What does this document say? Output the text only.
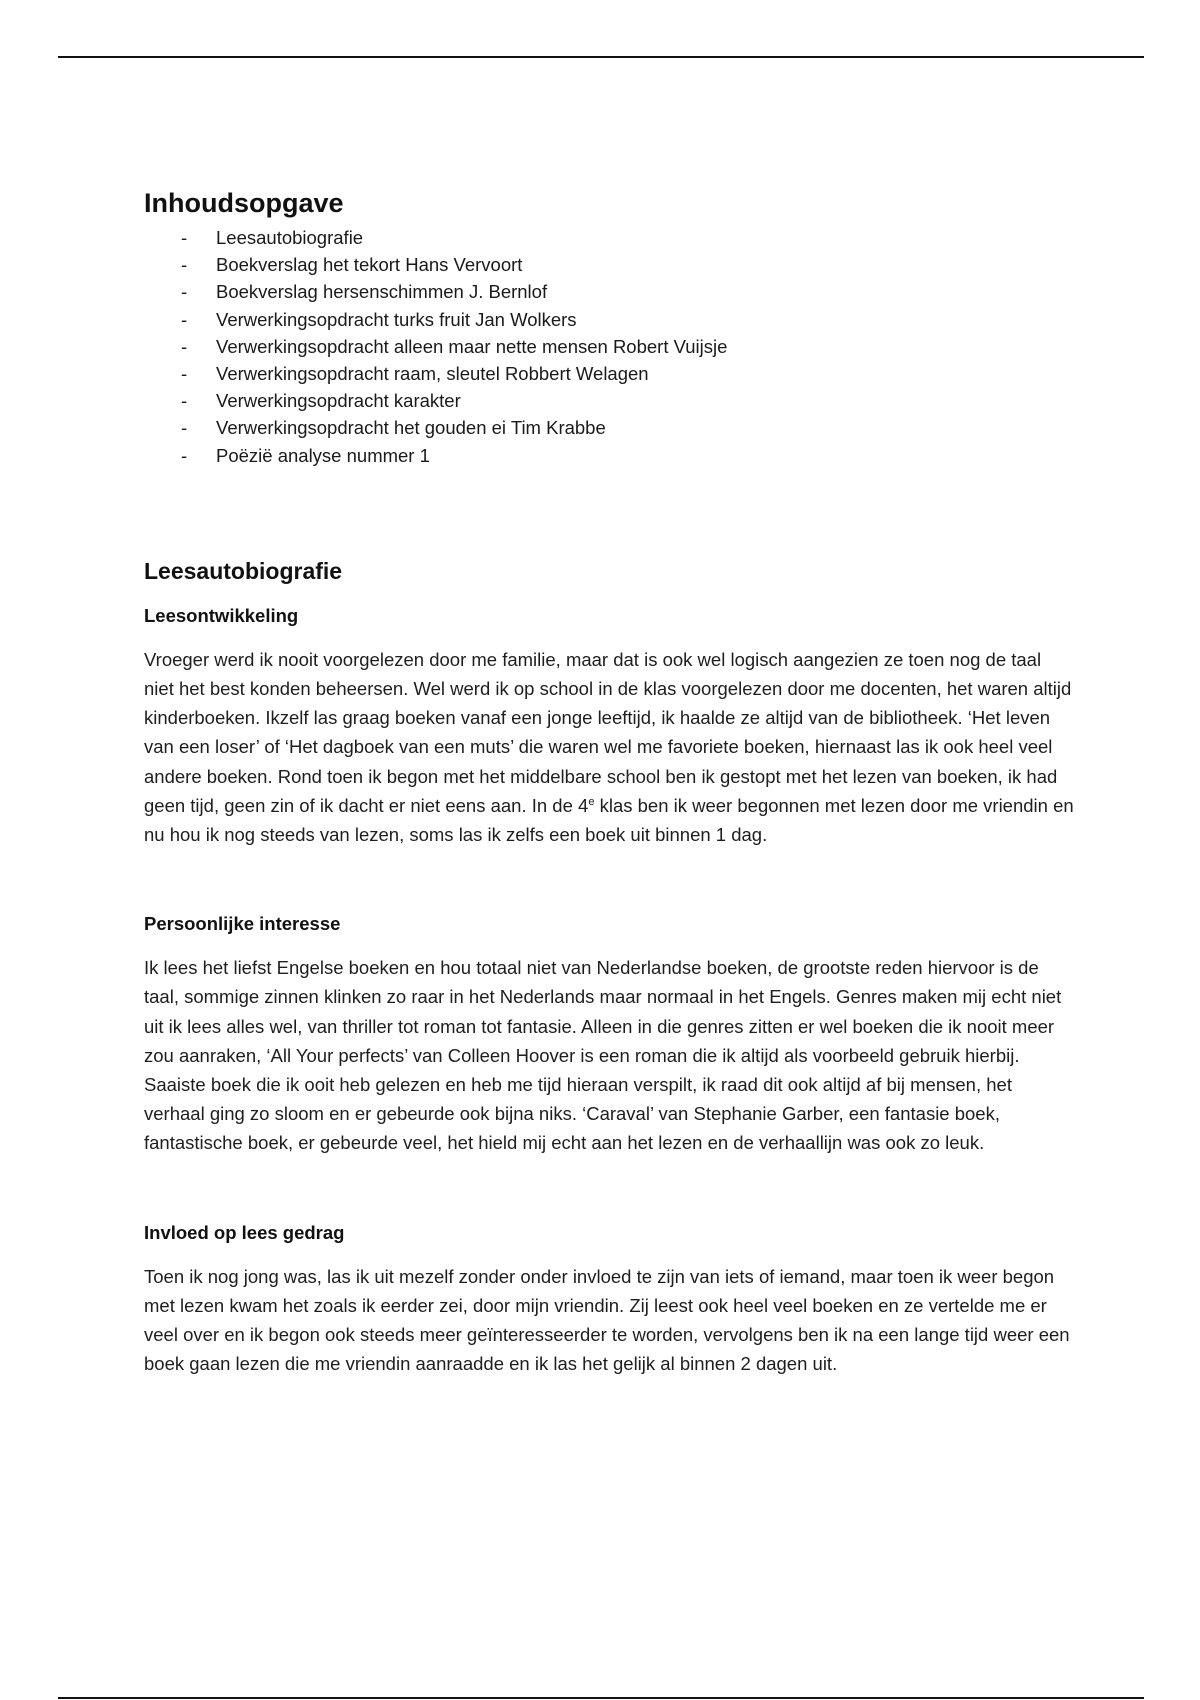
Inhoudsopgave
- Leesautobiografie
- Boekverslag het tekort Hans Vervoort
- Boekverslag hersenschimmen J. Bernlof
- Verwerkingsopdracht turks fruit Jan Wolkers
- Verwerkingsopdracht alleen maar nette mensen Robert Vuijsje
- Verwerkingsopdracht raam, sleutel Robbert Welagen
- Verwerkingsopdracht karakter
- Verwerkingsopdracht het gouden ei Tim Krabbe
- Poëzië analyse nummer 1
Leesautobiografie
Leesontwikkeling

Vroeger werd ik nooit voorgelezen door me familie, maar dat is ook wel logisch aangezien ze toen nog de taal niet het best konden beheersen. Wel werd ik op school in de klas voorgelezen door me docenten, het waren altijd kinderboeken. Ikzelf las graag boeken vanaf een jonge leeftijd, ik haalde ze altijd van de bibliotheek. ‘Het leven van een loser’ of ‘Het dagboek van een muts’ die waren wel me favoriete boeken, hiernaast las ik ook heel veel andere boeken. Rond toen ik begon met het middelbare school ben ik gestopt met het lezen van boeken, ik had geen tijd, geen zin of ik dacht er niet eens aan. In de 4e klas ben ik weer begonnen met lezen door me vriendin en nu hou ik nog steeds van lezen, soms las ik zelfs een boek uit binnen 1 dag.

Persoonlijke interesse

Ik lees het liefst Engelse boeken en hou totaal niet van Nederlandse boeken, de grootste reden hiervoor is de taal, sommige zinnen klinken zo raar in het Nederlands maar normaal in het Engels. Genres maken mij echt niet uit ik lees alles wel, van thriller tot roman tot fantasie. Alleen in die genres zitten er wel boeken die ik nooit meer zou aanraken, ‘All Your perfects’ van Colleen Hoover is een roman die ik altijd als voorbeeld gebruik hierbij. Saaiste boek die ik ooit heb gelezen en heb me tijd hieraan verspilt, ik raad dit ook altijd af bij mensen, het verhaal ging zo sloom en er gebeurde ook bijna niks. ‘Caraval’ van Stephanie Garber, een fantasie boek, fantastische boek, er gebeurde veel, het hield mij echt aan het lezen en de verhaallijn was ook zo leuk.

Invloed op lees gedrag

Toen ik nog jong was, las ik uit mezelf zonder onder invloed te zijn van iets of iemand, maar toen ik weer begon met lezen kwam het zoals ik eerder zei, door mijn vriendin. Zij leest ook heel veel boeken en ze vertelde me er veel over en ik begon ook steeds meer geïnteresseerder te worden, vervolgens ben ik na een lange tijd weer een boek gaan lezen die me vriendin aanraadde en ik las het gelijk al binnen 2 dagen uit.
